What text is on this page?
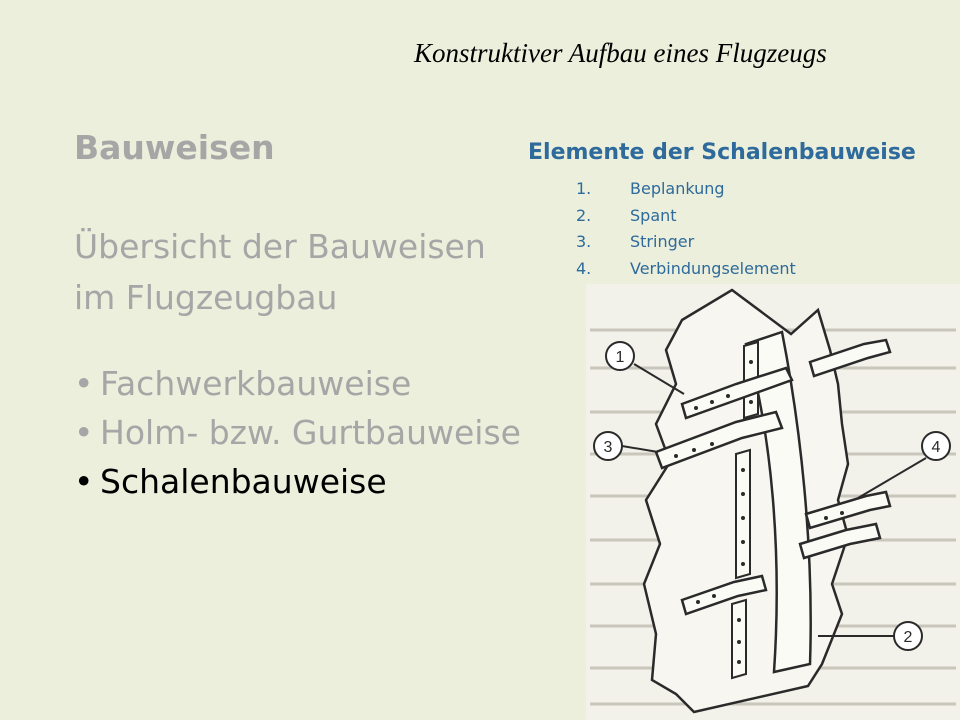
Konstruktiver Aufbau eines Flugzeugs
Bauweisen
Übersicht der Bauweisen
im Flugzeugbau
• Fachwerkbauweise
• Holm- bzw. Gurtbauweise
• Schalenbauweise
Elemente der Schalenbauweise
1. Beplankung
2. Spant
3. Stringer
4. Verbindungselement
1
3	4
2
